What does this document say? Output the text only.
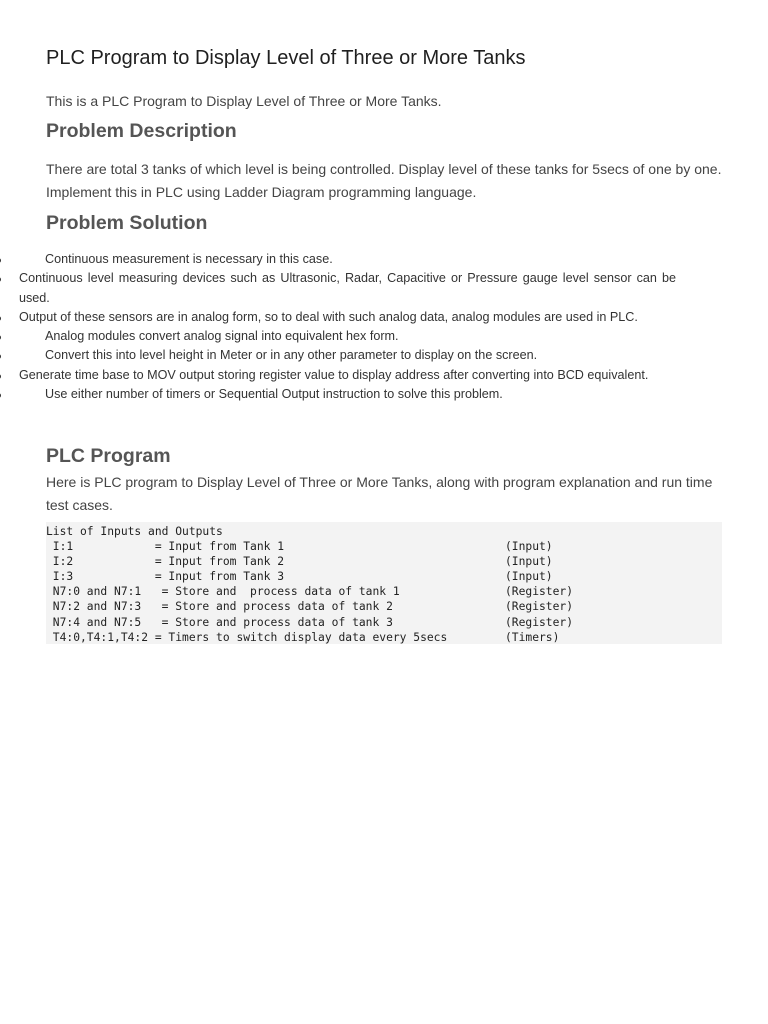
PLC Program to Display Level of Three or More Tanks

This is a PLC Program to Display Level of Three or More Tanks.

Problem Description

There are total 3 tanks of which level is being controlled. Display level of these tanks for 5secs of one by one. Implement this in PLC using Ladder Diagram programming language.

Problem Solution
PLC Program

Here is PLC program to Display Level of Three or More Tanks, along with program explanation and run time test cases.

List of Inputs and Outputs
I:1            = Input from Tank 1	(Input)
I:2            = Input from Tank 2	(Input)
I:3            = Input from Tank 3	(Input)
N7:0 and N7:1   = Store and  process data of tank 1	(Register)
N7:2 and N7:3   = Store and process data of tank 2	(Register)
N7:4 and N7:5   = Store and process data of tank 3	(Register)
T4:0,T4:1,T4:2 = Timers to switch display data every 5secs	(Timers)
Continuous measurement is necessary in this case.
Continuous level measuring devices such as Ultrasonic, Radar, Capacitive or Pressure gauge level sensor can be used.
Output of these sensors are in analog form, so to deal with such analog data, analog modules are used in PLC.
Analog modules convert analog signal into equivalent hex form.
Convert this into level height in Meter or in any other parameter to display on the screen.
Generate time base to MOV output storing register value to display address after converting into BCD equivalent.
Use either number of timers or Sequential Output instruction to solve this problem.
